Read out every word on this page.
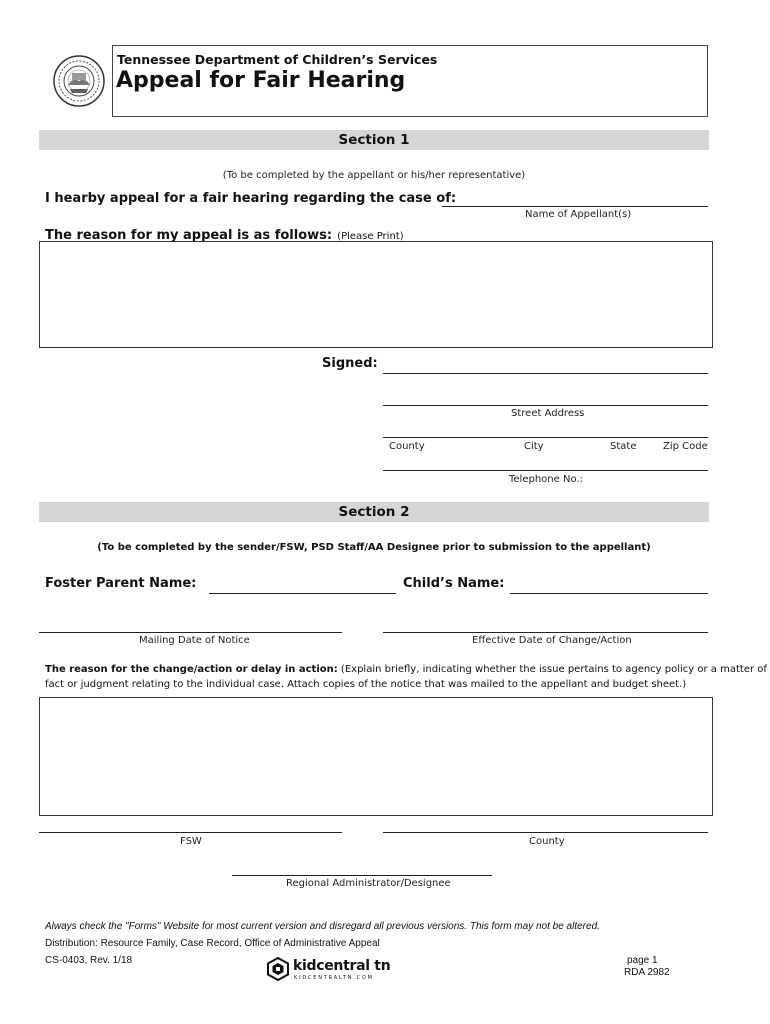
Tennessee Department of Children’s Services
Appeal for Fair Hearing
Section 1
(To be completed by the appellant or his/her representative)
I hearby appeal for a fair hearing regarding the case of:
Name of Appellant(s)
The reason for my appeal is as follows: (Please Print)
Signed:
Street Address
County	City	State	Zip Code
Telephone No.:
Section 2
(To be completed by the sender/FSW, PSD Staff/AA Designee prior to submission to the appellant)
Foster Parent Name:	Child’s Name:
Mailing Date of Notice	Effective Date of Change/Action
The reason for the change/action or delay in action: (Explain briefly, indicating whether the issue pertains to agency policy or a matter of
fact or judgment relating to the individual case. Attach copies of the notice that was mailed to the appellant and budget sheet.)
FSW	County
Regional Administrator/Designee
Always check the "Forms" Website for most current version and disregard all previous versions. This form may not be altered.
Distribution: Resource Family, Case Record, Office of Administrative Appeal
CS-0403, Rev. 1/18	kidcentral tn
KIDCENTRALTN.COM
page 1
RDA 2982
